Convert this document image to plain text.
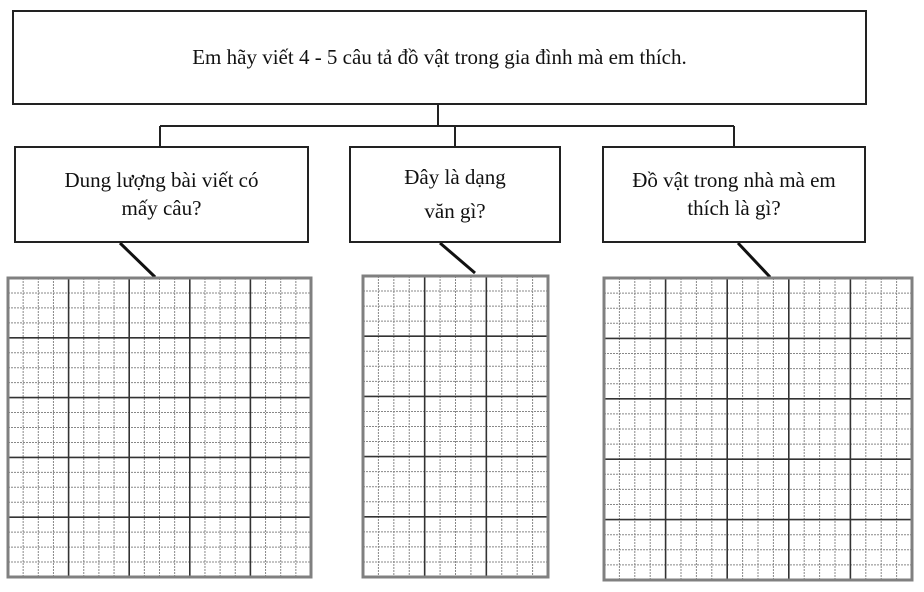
Em hãy viết 4 - 5 câu tả đồ vật trong gia đình mà em thích.
Dung lượng bài viết có
mấy câu?
Đây là dạng
văn gì?
Đồ vật trong nhà mà em
thích là gì?
